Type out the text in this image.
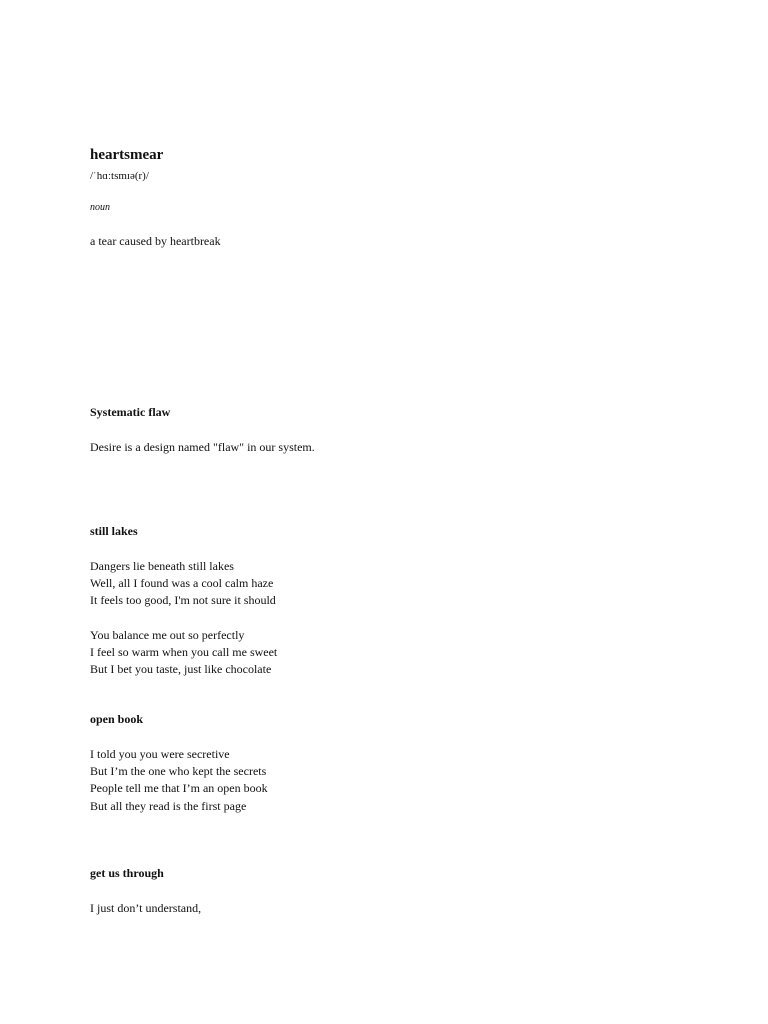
heartsmear
/ˈhɑːtsmɪə(r)/
noun
a tear caused by heartbreak
Systematic flaw
Desire is a design named "flaw" in our system.
still lakes
Dangers lie beneath still lakes
Well, all I found was a cool calm haze
It feels too good, I'm not sure it should
You balance me out so perfectly
I feel so warm when you call me sweet
But I bet you taste, just like chocolate
open book
I told you you were secretive
But I’m the one who kept the secrets
People tell me that I’m an open book
But all they read is the first page
get us through
I just don’t understand,
